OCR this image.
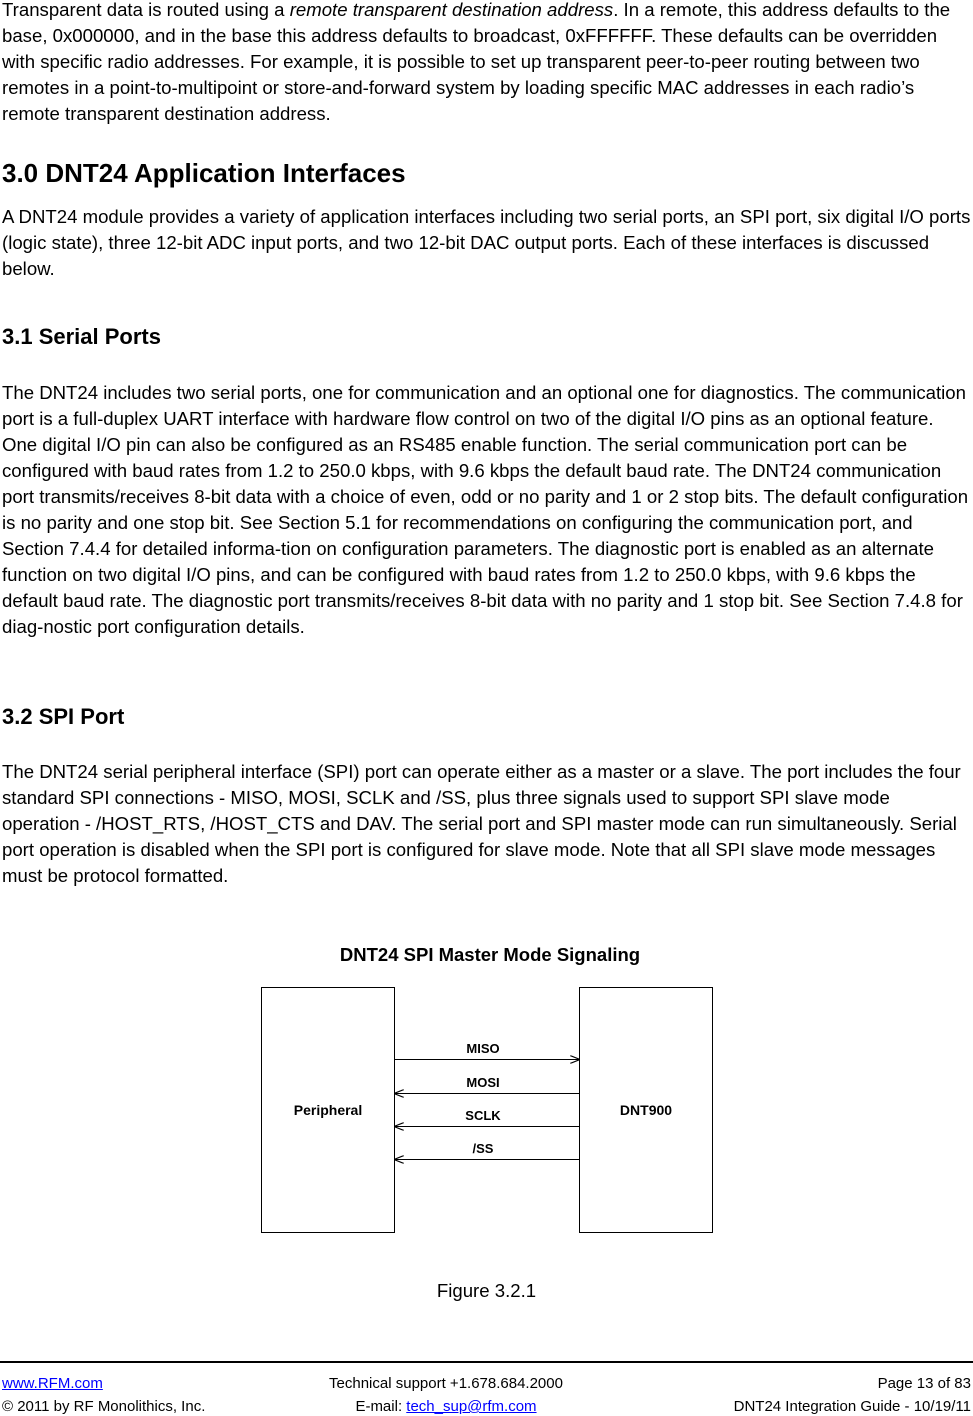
Transparent data is routed using a remote transparent destination address. In a remote, this address defaults to the base, 0x000000, and in the base this address defaults to broadcast, 0xFFFFFF. These defaults can be overridden with specific radio addresses. For example, it is possible to set up transparent peer-to-peer routing between two remotes in a point-to-multipoint or store-and-forward system by loading specific MAC addresses in each radio’s remote transparent destination address.

3.0 DNT24 Application Interfaces

A DNT24 module provides a variety of application interfaces including two serial ports, an SPI port, six digital I/O ports (logic state), three 12-bit ADC input ports, and two 12-bit DAC output ports. Each of these interfaces is discussed below.

3.1 Serial Ports

The DNT24 includes two serial ports, one for communication and an optional one for diagnostics. The communication port is a full-duplex UART interface with hardware flow control on two of the digital I/O pins as an optional feature. One digital I/O pin can also be configured as an RS485 enable function. The serial communication port can be configured with baud rates from 1.2 to 250.0 kbps, with 9.6 kbps the default baud rate. The DNT24 communication port transmits/receives 8-bit data with a choice of even, odd or no parity and 1 or 2 stop bits. The default configuration is no parity and one stop bit. See Section 5.1 for recommendations on configuring the communication port, and Section 7.4.4 for detailed informa-tion on configuration parameters. The diagnostic port is enabled as an alternate function on two digital I/O pins, and can be configured with baud rates from 1.2 to 250.0 kbps, with 9.6 kbps the default baud rate. The diagnostic port transmits/receives 8-bit data with no parity and 1 stop bit. See Section 7.4.8 for diag-nostic port configuration details.

3.2 SPI Port

The DNT24 serial peripheral interface (SPI) port can operate either as a master or a slave. The port includes the four standard SPI connections - MISO, MOSI, SCLK and /SS, plus three signals used to support SPI slave mode operation - /HOST_RTS, /HOST_CTS and DAV. The serial port and SPI master mode can run simultaneously. Serial port operation is disabled when the SPI port is configured for slave mode. Note that all SPI slave mode messages must be protocol formatted.

DNT24 SPI Master Mode Signaling
Peripheral	DNT900
MISO
MOSI
SCLK
/SS
Figure 3.2.1
www.RFM.com
© 2011 by RF Monolithics, Inc.
Technical support +1.678.684.2000
E-mail: tech_sup@rfm.com
Page 13 of 83
DNT24 Integration Guide - 10/19/11
